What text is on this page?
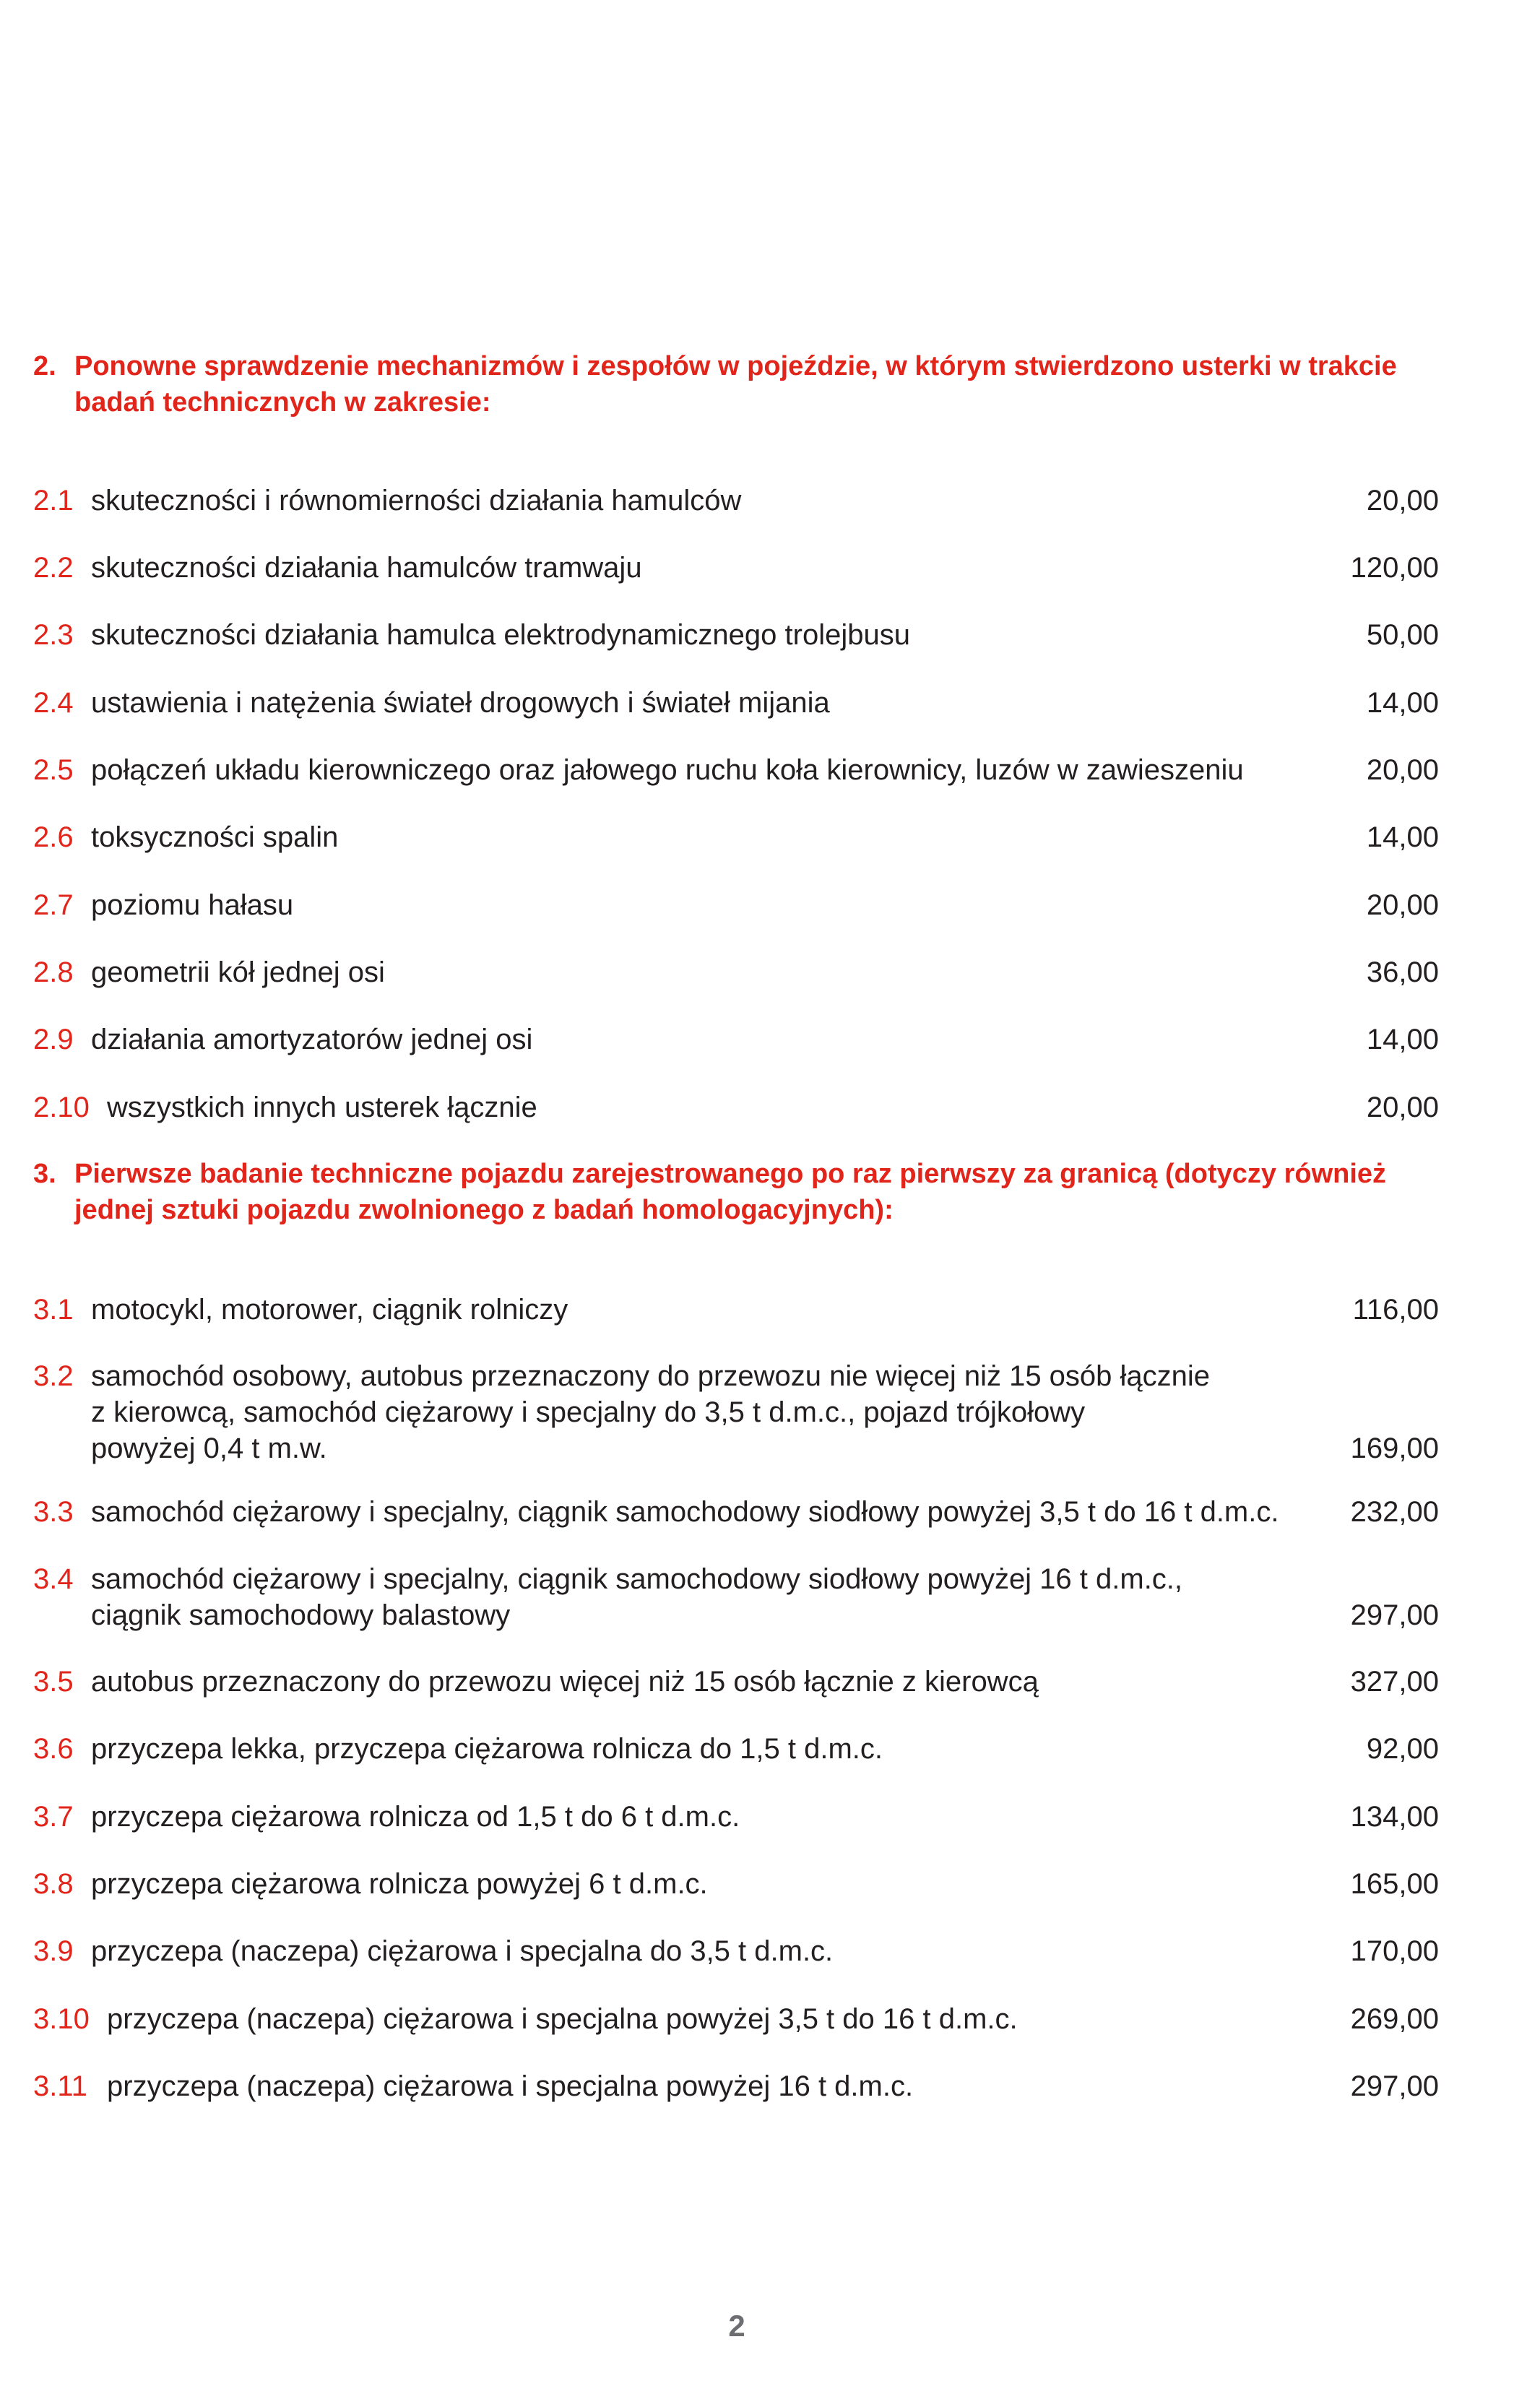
2. Ponowne sprawdzenie mechanizmów i zespołów w pojeździe, w którym stwierdzono usterki w trakcie badań technicznych w zakresie:
2.1 skuteczności i równomierności działania hamulców	20,00
2.2 skuteczności działania hamulców tramwaju	120,00
2.3 skuteczności działania hamulca elektrodynamicznego trolejbusu	50,00
2.4 ustawienia i natężenia świateł drogowych i świateł mijania	14,00
2.5 połączeń układu kierowniczego oraz jałowego ruchu koła kierownicy, luzów w zawieszeniu	20,00
2.6 toksyczności spalin	14,00
2.7 poziomu hałasu	20,00
2.8 geometrii kół jednej osi	36,00
2.9 działania amortyzatorów jednej osi	14,00
2.10 wszystkich innych usterek łącznie	20,00
3. Pierwsze badanie techniczne pojazdu zarejestrowanego po raz pierwszy za granicą (dotyczy również jednej sztuki pojazdu zwolnionego z badań homologacyjnych):
3.1 motocykl, motorower, ciągnik rolniczy	116,00
3.2 samochód osobowy, autobus przeznaczony do przewozu nie więcej niż 15 osób łącznie
z kierowcą, samochód ciężarowy i specjalny do 3,5 t d.m.c., pojazd trójkołowy
powyżej 0,4 t m.w.	169,00
3.3 samochód ciężarowy i specjalny, ciągnik samochodowy siodłowy powyżej 3,5 t do 16 t d.m.c.	232,00
3.4 samochód ciężarowy i specjalny, ciągnik samochodowy siodłowy powyżej 16 t d.m.c.,
ciągnik samochodowy balastowy	297,00
3.5 autobus przeznaczony do przewozu więcej niż 15 osób łącznie z kierowcą	327,00
3.6 przyczepa lekka, przyczepa ciężarowa rolnicza do 1,5 t d.m.c.	92,00
3.7 przyczepa ciężarowa rolnicza od 1,5 t do 6 t d.m.c.	134,00
3.8 przyczepa ciężarowa rolnicza powyżej 6 t d.m.c.	165,00
3.9 przyczepa (naczepa) ciężarowa i specjalna do 3,5 t d.m.c.	170,00
3.10 przyczepa (naczepa) ciężarowa i specjalna powyżej 3,5 t do 16 t d.m.c.	269,00
3.11 przyczepa (naczepa) ciężarowa i specjalna powyżej 16 t d.m.c.	297,00
2
